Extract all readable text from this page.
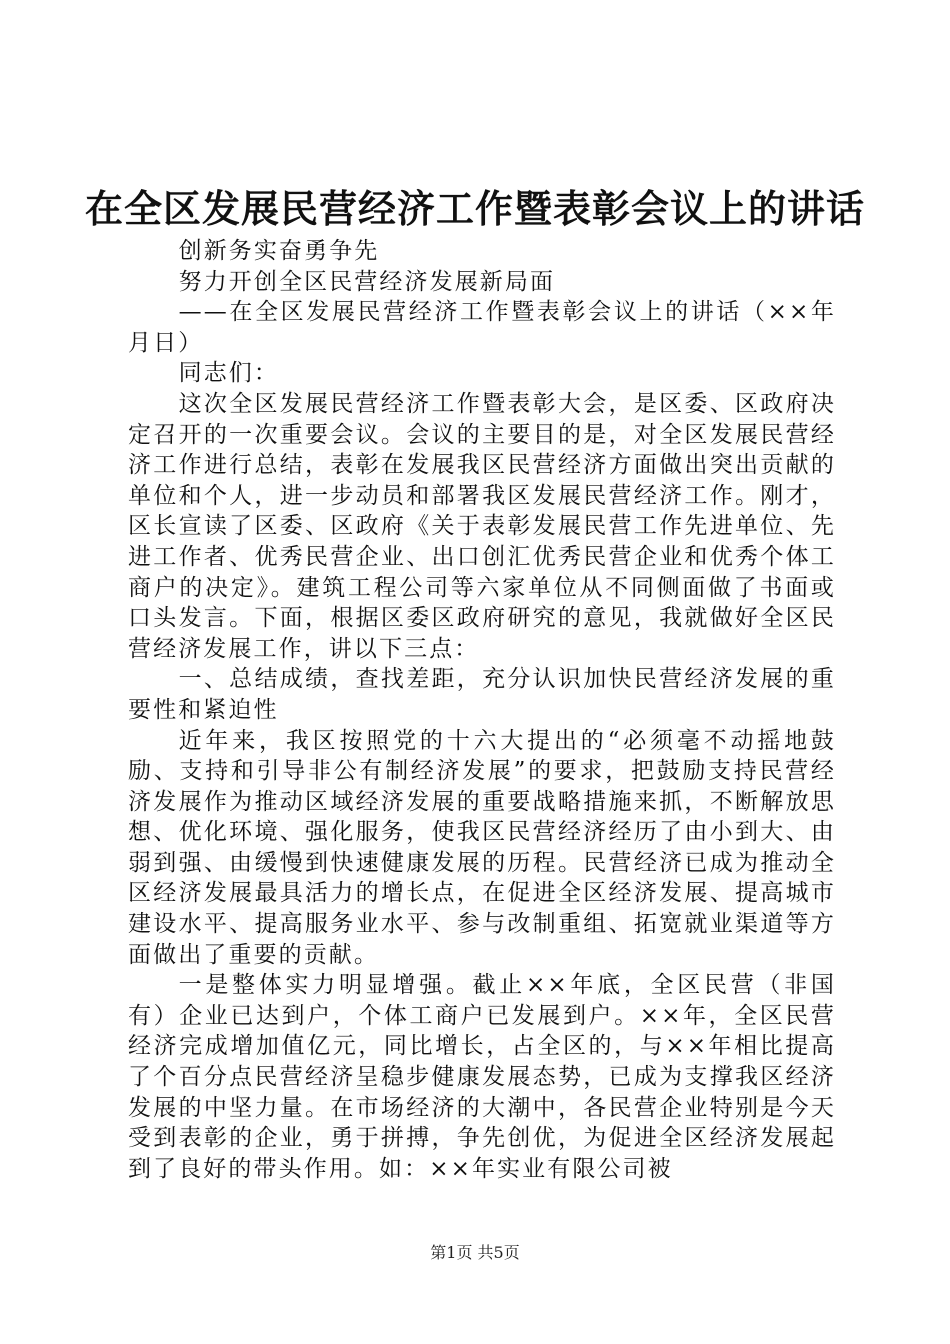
在全区发展民营经济工作暨表彰会议上的讲话

创新务实奋勇争先

努力开创全区民营经济发展新局面

——在全区发展民营经济工作暨表彰会议上的讲话（××年月日）

同志们：

这次全区发展民营经济工作暨表彰大会，是区委、区政府决定召开的一次重要会议。会议的主要目的是，对全区发展民营经济工作进行总结，表彰在发展我区民营经济方面做出突出贡献的单位和个人，进一步动员和部署我区发展民营经济工作。刚才，区长宣读了区委、区政府《关于表彰发展民营工作先进单位、先进工作者、优秀民营企业、出口创汇优秀民营企业和优秀个体工商户的决定》。建筑工程公司等六家单位从不同侧面做了书面或口头发言。下面，根据区委区政府研究的意见，我就做好全区民营经济发展工作，讲以下三点：

一、总结成绩，查找差距，充分认识加快民营经济发展的重要性和紧迫性

近年来，我区按照党的十六大提出的“必须毫不动摇地鼓励、支持和引导非公有制经济发展”的要求，把鼓励支持民营经济发展作为推动区域经济发展的重要战略措施来抓，不断解放思想、优化环境、强化服务，使我区民营经济经历了由小到大、由弱到强、由缓慢到快速健康发展的历程。民营经济已成为推动全区经济发展最具活力的增长点，在促进全区经济发展、提高城市建设水平、提高服务业水平、参与改制重组、拓宽就业渠道等方面做出了重要的贡献。

一是整体实力明显增强。截止××年底，全区民营（非国有）企业已达到户，个体工商户已发展到户。××年，全区民营经济完成增加值亿元，同比增长，占全区的，与××年相比提高了个百分点民营经济呈稳步健康发展态势，已成为支撑我区经济发展的中坚力量。在市场经济的大潮中，各民营企业特别是今天受到表彰的企业，勇于拼搏，争先创优，为促进全区经济发展起到了良好的带头作用。如：××年实业有限公司被

第1页 共5页
